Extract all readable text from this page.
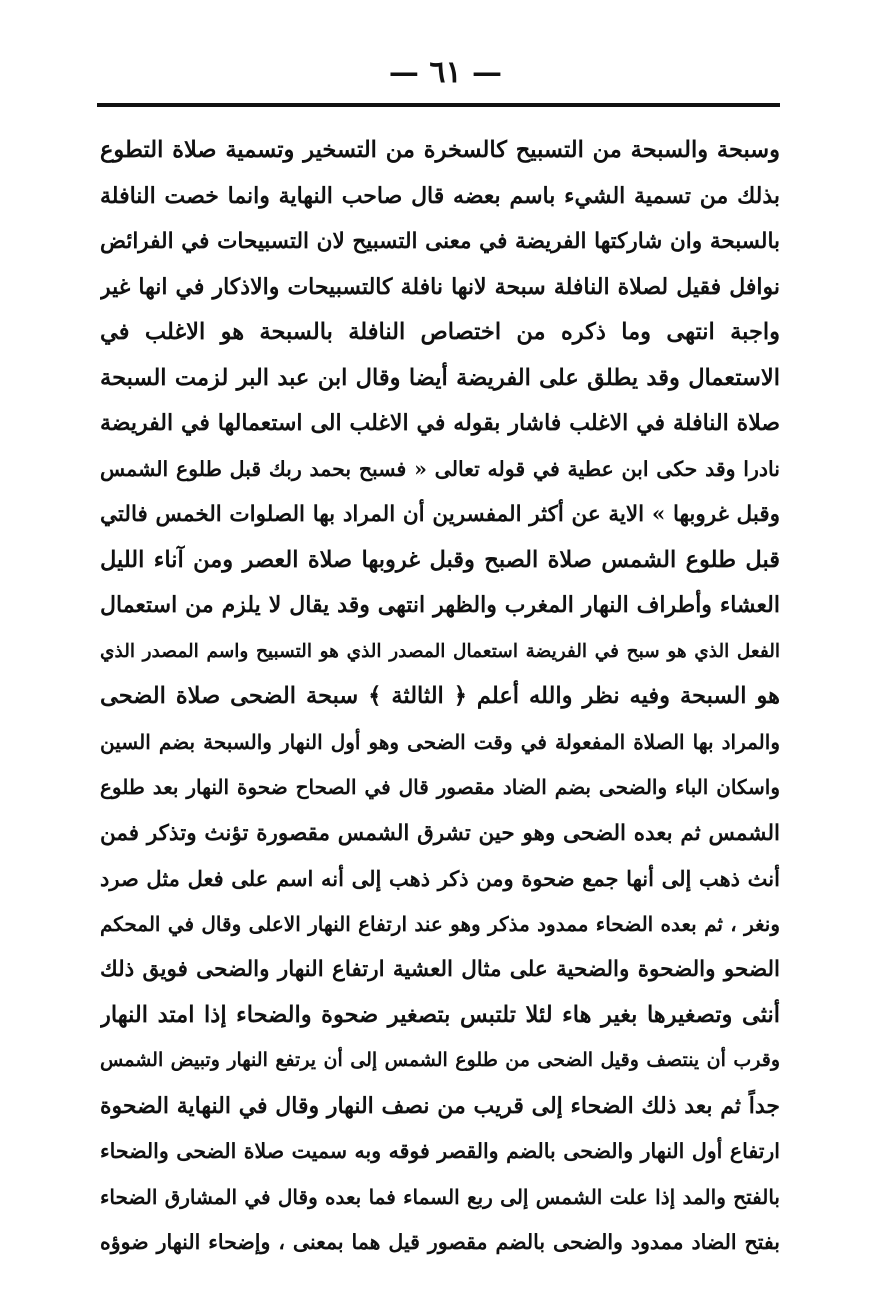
— ٦١ —
وسبحة والسبحة من التسبيح كالسخرة من التسخير وتسمية صلاة التطوع
بذلك من تسمية الشيء باسم بعضه قال صاحب النهاية وانما خصت النافلة
بالسبحة وان شاركتها الفريضة في معنى التسبيح لان التسبيحات في الفرائض
نوافل فقيل لصلاة النافلة سبحة لانها نافلة كالتسبيحات والاذكار في انها غير
واجبة انتهى وما ذكره من اختصاص النافلة بالسبحة هو الاغلب في
الاستعمال وقد يطلق على الفريضة أيضا وقال ابن عبد البر لزمت السبحة
صلاة النافلة في الاغلب فاشار بقوله في الاغلب الى استعمالها في الفريضة
نادرا وقد حكى ابن عطية في قوله تعالى « فسبح بحمد ربك قبل طلوع الشمس
وقبل غروبها » الاية عن أكثر المفسرين أن المراد بها الصلوات الخمس فالتي
قبل طلوع الشمس صلاة الصبح وقبل غروبها صلاة العصر ومن آناء الليل
العشاء وأطراف النهار المغرب والظهر انتهى وقد يقال لا يلزم من استعمال
الفعل الذي هو سبح في الفريضة استعمال المصدر الذي هو التسبيح واسم المصدر الذي
هو السبحة وفيه نظر والله أعلم ﴿ الثالثة ﴾ سبحة الضحى صلاة الضحى
والمراد بها الصلاة المفعولة في وقت الضحى وهو أول النهار والسبحة بضم السين
واسكان الباء والضحى بضم الضاد مقصور قال في الصحاح ضحوة النهار بعد طلوع
الشمس ثم بعده الضحى وهو حين تشرق الشمس مقصورة تؤنث وتذكر فمن
أنث ذهب إلى أنها جمع ضحوة ومن ذكر ذهب إلى أنه اسم على فعل مثل صرد
ونغر ، ثم بعده الضحاء ممدود مذكر وهو عند ارتفاع النهار الاعلى وقال في المحكم
الضحو والضحوة والضحية على مثال العشية ارتفاع النهار والضحى فويق ذلك
أنثى وتصغيرها بغير هاء لئلا تلتبس بتصغير ضحوة والضحاء إذا امتد النهار
وقرب أن ينتصف وقيل الضحى من طلوع الشمس إلى أن يرتفع النهار وتبيض الشمس
جداً ثم بعد ذلك الضحاء إلى قريب من نصف النهار وقال في النهاية الضحوة
ارتفاع أول النهار والضحى بالضم والقصر فوقه وبه سميت صلاة الضحى والضحاء
بالفتح والمد إذا علت الشمس إلى ربع السماء فما بعده وقال في المشارق الضحاء
بفتح الضاد ممدود والضحى بالضم مقصور قيل هما بمعنى ، وإضحاء النهار ضوؤه
